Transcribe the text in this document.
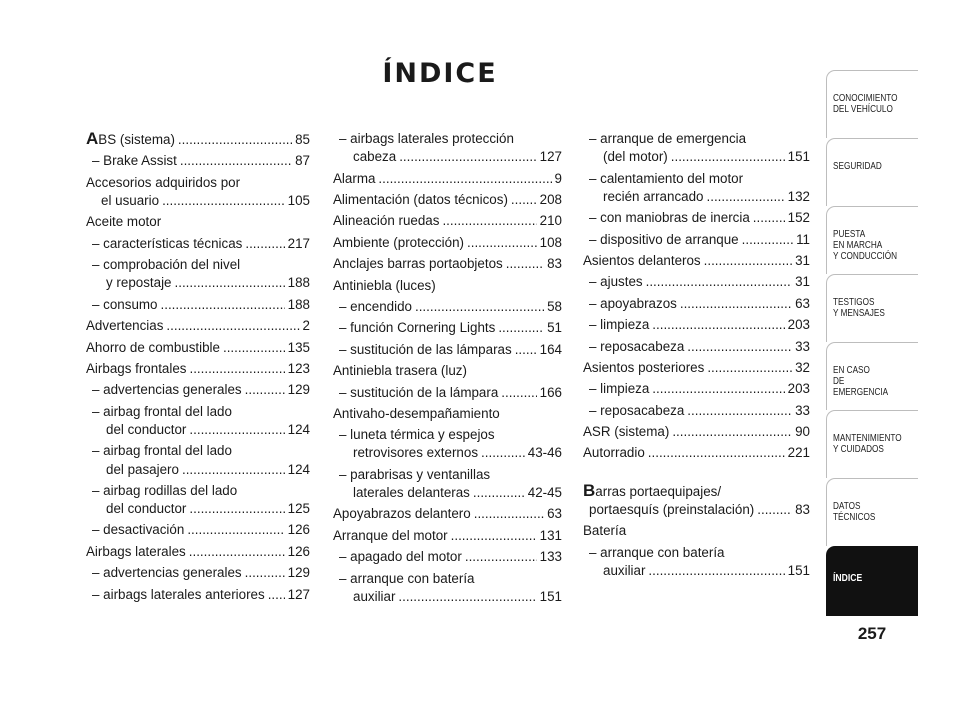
ÍNDICE
ABS (sistema) .....	85
– Brake Assist .....	87
Accesorios adquiridos por
el usuario .....	105
Aceite motor
– características técnicas .....	217
– comprobación del nivel
y repostaje .....	188
– consumo .....	188
Advertencias .....	2
Ahorro de combustible .....	135
Airbags frontales .....	123
– advertencias generales .....	129
– airbag frontal del lado
del conductor .....	124
– airbag frontal del lado
del pasajero .....	124
– airbag rodillas del lado
del conductor .....	125
– desactivación .....	126
Airbags laterales .....	126
– advertencias generales .....	129
– airbags laterales anteriores ..... 127
– airbags laterales protección
cabeza .....	127
Alarma .....	9
Alimentación (datos técnicos) ..... 208
Alineación ruedas .....	210
Ambiente (protección) .....	108
Anclajes barras portaobjetos .....	83
Antiniebla (luces)
– encendido .....	58
– función Cornering Lights .....	51
– sustitución de las lámparas ..... 164
Antiniebla trasera (luz)
– sustitución de la lámpara .....	166
Antivaho-desempañamiento
– luneta térmica y espejos
retrovisores externos .....	43-46
– parabrisas y ventanillas
laterales delanteras .....	42-45
Apoyabrazos delantero .....	63
Arranque del motor .....	131
– apagado del motor .....	133
– arranque con batería
auxiliar .....	151
– arranque de emergencia
(del motor) .....	151
– calentamiento del motor
recién arrancado .....	132
– con maniobras de inercia .....	152
– dispositivo de arranque .....	11
Asientos delanteros .....	31
– ajustes .....	31
– apoyabrazos .....	63
– limpieza .....	203
– reposacabeza .....	33
Asientos posteriores .....	32
– limpieza .....	203
– reposacabeza .....	33
ASR (sistema) .....	90
Autorradio .....	221
Barras portaequipajes/
portaesquís (preinstalación) .....	83
Batería
– arranque con batería
auxiliar .....	151
CONOCIMIENTO
DEL VEHÍCULO
SEGURIDAD
PUESTA
EN MARCHA
Y CONDUCCIÓN
TESTIGOS
Y MENSAJES
EN CASO
DE EMERGENCIA
MANTENIMIENTO
Y CUIDADOS
DATOS TÉCNICOS
ÍNDICE
257
